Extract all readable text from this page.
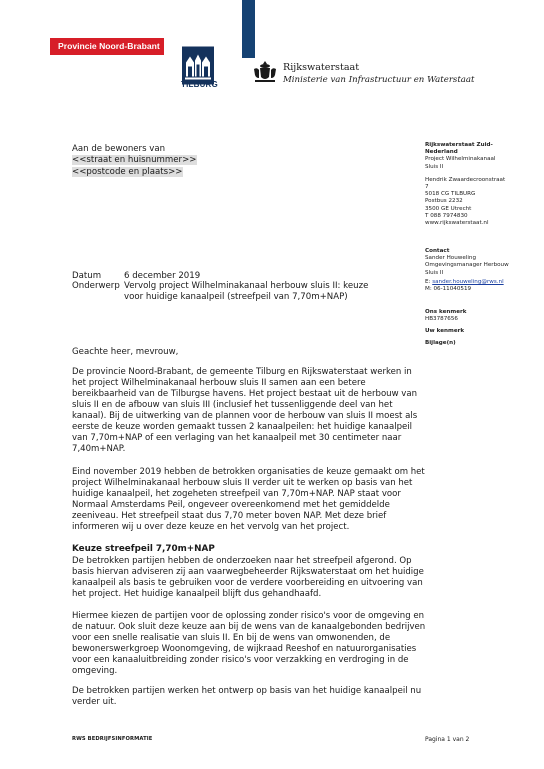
Provincie Noord-Brabant
TILBURG
Rijkswaterstaat
Ministerie van Infrastructuur en Waterstaat
Aan de bewoners van
<<straat en huisnummer>>
<<postcode en plaats>>
Rijkswaterstaat Zuid-
Nederland
Project Wilhelminakanaal
Sluis II
Hendrik Zwaardecroonstraat
7
5018 CG TILBURG
Postbus 2232
3500 GE Utrecht
T 088 7974830
www.rijkswaterstaat.nl
Contact
Sander Houweling
Omgevingsmanager Herbouw
Sluis II
E: sander.houweling@rws.nl
M: 06-11040519
Ons kenmerk
HB3787656
Uw kenmerk
Bijlage(n)
Datum	6 december 2019
Onderwerp Vervolg project Wilhelminakanaal herbouw sluis II: keuze
voor huidige kanaalpeil (streefpeil van 7,70m+NAP)
Geachte heer, mevrouw,
De provincie Noord-Brabant, de gemeente Tilburg en Rijkswaterstaat werken in
het project Wilhelminakanaal herbouw sluis II samen aan een betere
bereikbaarheid van de Tilburgse havens. Het project bestaat uit de herbouw van
sluis II en de afbouw van sluis III (inclusief het tussenliggende deel van het
kanaal). Bij de uitwerking van de plannen voor de herbouw van sluis II moest als
eerste de keuze worden gemaakt tussen 2 kanaalpeilen: het huidige kanaalpeil
van 7,70m+NAP of een verlaging van het kanaalpeil met 30 centimeter naar
7,40m+NAP.
Eind november 2019 hebben de betrokken organisaties de keuze gemaakt om het
project Wilhelminakanaal herbouw sluis II verder uit te werken op basis van het
huidige kanaalpeil, het zogeheten streefpeil van 7,70m+NAP. NAP staat voor
Normaal Amsterdams Peil, ongeveer overeenkomend met het gemiddelde
zeeniveau. Het streefpeil staat dus 7,70 meter boven NAP. Met deze brief
informeren wij u over deze keuze en het vervolg van het project.
Keuze streefpeil 7,70m+NAP
De betrokken partijen hebben de onderzoeken naar het streefpeil afgerond. Op
basis hiervan adviseren zij aan vaarwegbeheerder Rijkswaterstaat om het huidige
kanaalpeil als basis te gebruiken voor de verdere voorbereiding en uitvoering van
het project. Het huidige kanaalpeil blijft dus gehandhaafd.
Hiermee kiezen de partijen voor de oplossing zonder risico's voor de omgeving en
de natuur. Ook sluit deze keuze aan bij de wens van de kanaalgebonden bedrijven
voor een snelle realisatie van sluis II. En bij de wens van omwonenden, de
bewonerswerkgroep Woonomgeving, de wijkraad Reeshof en natuurorganisaties
voor een kanaaluitbreiding zonder risico's voor verzakking en verdroging in de
omgeving.
De betrokken partijen werken het ontwerp op basis van het huidige kanaalpeil nu
verder uit.
RWS BEDRIJFSINFORMATIE	Pagina 1 van 2
